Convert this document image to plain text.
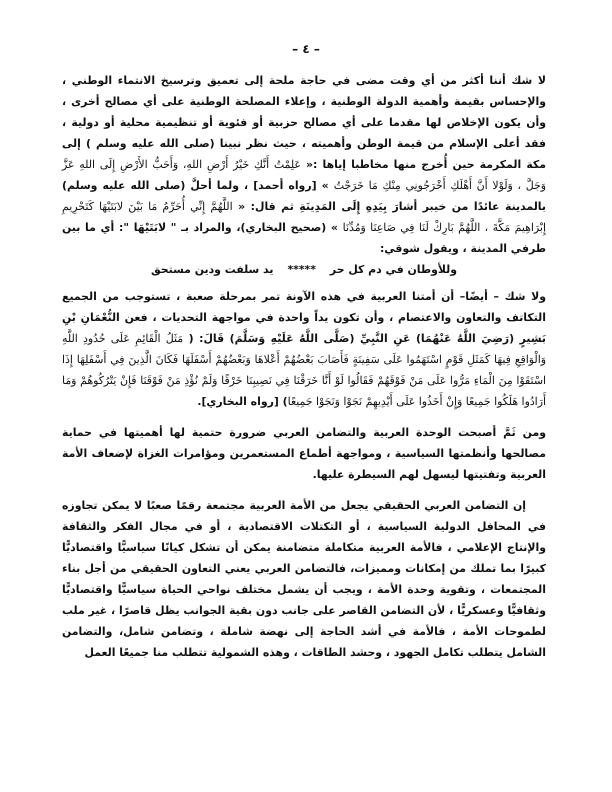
– ٤ –

لا شك أننا أكثر من أي وقت مضى في حاجة ملحة إلى تعميق وترسيخ الانتماء الوطني ، والإحساس بقيمة وأهمية الدولة الوطنية ، وإعلاء المصلحة الوطنية على أي مصالح أخرى ، وأن يكون الإخلاص لها مقدما على أي مصالح حزبية أو فئوية أو تنظيمية محلية أو دولية ، فقد أعلى الإسلام من قيمة الوطن وأهميته ، حيث نظر نبينا (صلى الله عليه وسلم ) إلى مكة المكرمة حين أُخرج منها مخاطبا إياها :« عَلِمْتُ أَنَّكِ خَيْرُ أَرْضِ اللهِ، وَأَحَبُّ الأَرْضِ إِلَى اللهِ عَزَّ وَجَلَّ ، وَلَوْلا أَنَّ أَهْلَكِ أَخْرَجُونِي مِنْكِ مَا خَرَجْتُ » [رواه أحمد] ، ولما أحلَّ (صلى الله عليه وسلم) بالمدينة عائدًا من خيبر أشارَ بِيَدِهِ إِلَى المَدِينَةِ ثم قال: « اللَّهُمَّ إِنِّي أُحَرِّمُ مَا بَيْنَ لابَتَيْهَا كَتَحْرِيمِ إِبْرَاهِيمَ مَكَّةَ ، اللَّهُمَّ بَارِكْ لَنَا فِي صَاعِنَا وَمُدِّنَا » (صحيح البخاري)، والمراد بـ " لابَتَيْهَا ": أي ما بين طرفي المدينة ، ويقول شوقي:

وللأوطان في دم كل حر
*****
يد سلفت ودين مستحق

ولا شك – أيضًا– أن أمتنا العربية في هذه الآونة تمر بمرحلة صعبة ، تستوجب من الجميع التكاتف والتعاون والاعتصام ، وأن تكون يداً واحدة في مواجهة التحديات ، فعن النُّعْمَانِ بْنِ بَشِيرٍ (رَضِيَ اللَّهُ عَنْهُمَا) عَنِ النَّبِيِّ (صَلَّى اللَّهُ عَلَيْهِ وَسَلَّمَ) قَالَ: ( مَثَلُ الْقَائِمِ عَلَى حُدُودِ اللَّهِ وَالْوَاقِعِ فِيهَا كَمَثَلِ قَوْمٍ اسْتَهَمُوا عَلَى سَفِينَةٍ فَأَصَابَ بَعْضُهُمْ أَعْلاهَا وَبَعْضُهُمْ أَسْفَلَهَا فَكَانَ الَّذِينَ فِي أَسْفَلِهَا إِذَا اسْتَقَوْا مِنَ الْمَاءِ مَرُّوا عَلَى مَنْ فَوْقَهُمْ فَقَالُوا لَوْ أَنَّا خَرَقْنَا فِي نَصِيبِنَا خَرْقًا وَلَمْ نُؤْذِ مَنْ فَوْقَنَا فَإِنْ يَتْرُكُوهُمْ وَمَا أَرَادُوا هَلَكُوا جَمِيعًا وَإِنْ أَخَذُوا عَلَى أَيْدِيهِمْ نَجَوْا وَنَجَوْا جَمِيعًا) [رواه البخاري].

ومن ثَمَّ أصبحت الوحدة العربية والتضامن العربي ضرورة حتمية لها أهميتها في حماية مصالحها وأنظمتها السياسية ، ومواجهة أطماع المستعمرين ومؤامرات الغزاة لإضعاف الأمة العربية وتفتيتها ليسهل لهم السيطرة عليها.

إن التضامن العربي الحقيقي يجعل من الأمة العربية مجتمعة رقمًا صعبًا لا يمكن تجاوزه في المحافل الدولية السياسية ، أو التكتلات الاقتصادية ، أو في مجال الفكر والثقافة والإنتاج الإعلامي ، فالأمة العربية متكاملة متضامنة يمكن أن تشكل كيانًا سياسيًّا واقتصاديًّا كبيرًا بما تملك من إمكانات ومميزات، فالتضامن العربي يعني التعاون الحقيقي من أجل بناء المجتمعات ، وتقوية وحدة الأمة ، ويجب أن يشمل مختلف نواحي الحياة سياسيًّا واقتصاديًّا وثقافيًّا وعسكريًّا ، لأن التضامن القاصر على جانب دون بقية الجوانب يظل قاصرًا ، غير ملب لطموحات الأمة ، فالأمة في أشد الحاجة إلى نهضة شاملة ، وتضامن شامل، والتضامن الشامل يتطلب تكامل الجهود ، وحشد الطاقات ، وهذه الشمولية تتطلب منا جميعًا العمل
